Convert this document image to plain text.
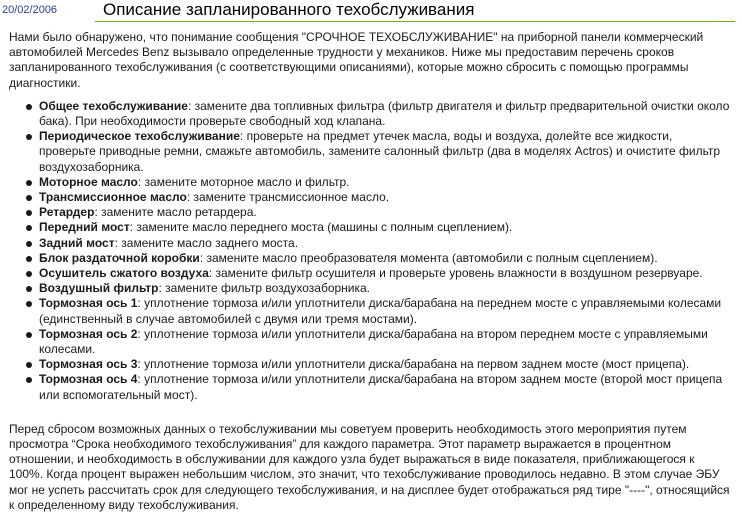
20/02/2006	Описание запланированного техобслуживания

Нами было обнаружено, что понимание сообщения "СРОЧНОЕ ТЕХОБСЛУЖИВАНИЕ" на приборной панели коммерческий автомобилей Mercedes Benz вызывало определенные трудности у механиков. Ниже мы предоставим перечень сроков запланированного техобслуживания (с соответствующими описаниями), которые можно сбросить с помощью программы диагностики.

Общее техобслуживание: замените два топливных фильтра (фильтр двигателя и фильтр предварительной очистки около бака). При необходимости проверьте свободный ход клапана.
Периодическое техобслуживание: проверьте на предмет утечек масла, воды и воздуха, долейте все жидкости, проверьте приводные ремни, смажьте автомобиль, замените салонный фильтр (два в моделях Actros) и очистите фильтр воздухозаборника.
Моторное масло: замените моторное масло и фильтр.
Трансмиссионное масло: замените трансмиссионное масло.
Ретардер: замените масло ретардера.
Передний мост: замените масло переднего моста (машины с полным сцеплением).
Задний мост: замените масло заднего моста.
Блок раздаточной коробки: замените масло преобразователя момента (автомобили с полным сцеплением).
Осушитель сжатого воздуха: замените фильтр осушителя и проверьте уровень влажности в воздушном резервуаре.
Воздушный фильтр: замените фильтр воздухозаборника.
Тормозная ось 1: уплотнение тормоза и/или уплотнители диска/барабана на переднем мосте с управляемыми колесами (единственный в случае автомобилей с двумя или тремя мостами).
Тормозная ось 2: уплотнение тормоза и/или уплотнители диска/барабана на втором переднем мосте с управляемыми колесами.
Тормозная ось 3: уплотнение тормоза и/или уплотнители диска/барабана на первом заднем мосте (мост прицепа).
Тормозная ось 4: уплотнение тормоза и/или уплотнители диска/барабана на втором заднем мосте (второй мост прицепа или вспомогательный мост).

Перед сбросом возможных данных о техобслуживании мы советуем проверить необходимость этого мероприятия путем просмотра “Срока необходимого техобслуживания” для каждого параметра. Этот параметр выражается в процентном отношении, и необходимость в обслуживании для каждого узла будет выражаться в виде показателя, приближающегося к 100%. Когда процент выражен небольшим числом, это значит, что техобслуживание проводилось недавно. В этом случае ЭБУ мог не успеть рассчитать срок для следующего техобслуживания, и на дисплее будет отображаться ряд тире "----", относящийся к определенному виду техобслуживания.
